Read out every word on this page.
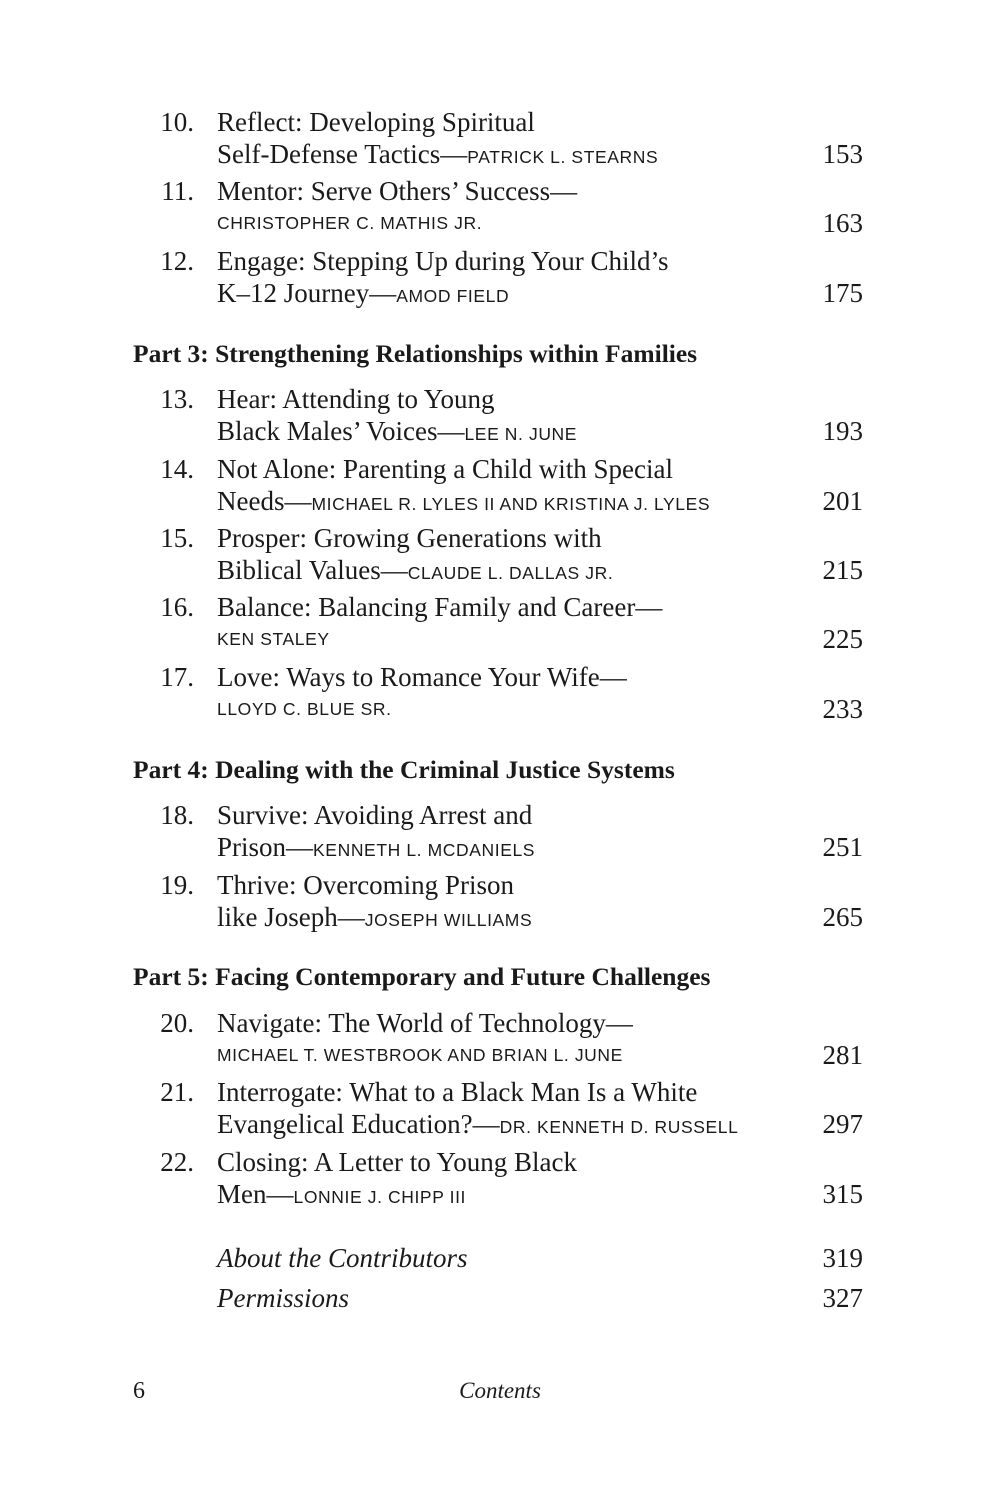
10. Reflect: Developing Spiritual
Self-Defense Tactics—PATRICK L. STEARNS	153
11. Mentor: Serve Others’ Success—
CHRISTOPHER C. MATHIS JR.	163
12. Engage: Stepping Up during Your Child’s
K–12 Journey—AMOD FIELD	175
Part 3: Strengthening Relationships within Families
13. Hear: Attending to Young
Black Males’ Voices—LEE N. JUNE	193
14. Not Alone: Parenting a Child with Special
Needs—MICHAEL R. LYLES II AND KRISTINA J. LYLES	201
15. Prosper: Growing Generations with
Biblical Values—CLAUDE L. DALLAS JR.	215
16. Balance: Balancing Family and Career—
KEN STALEY	225
17. Love: Ways to Romance Your Wife—
LLOYD C. BLUE SR.	233
Part 4: Dealing with the Criminal Justice Systems
18. Survive: Avoiding Arrest and
Prison—KENNETH L. MCDANIELS	251
19. Thrive: Overcoming Prison
like Joseph—JOSEPH WILLIAMS	265
Part 5: Facing Contemporary and Future Challenges
20. Navigate: The World of Technology—
MICHAEL T. WESTBROOK AND BRIAN L. JUNE	281
21. Interrogate: What to a Black Man Is a White
Evangelical Education?—DR. KENNETH D. RUSSELL	297
22. Closing: A Letter to Young Black
Men—LONNIE J. CHIPP III	315
About the Contributors	319
Permissions	327
6	Contents
